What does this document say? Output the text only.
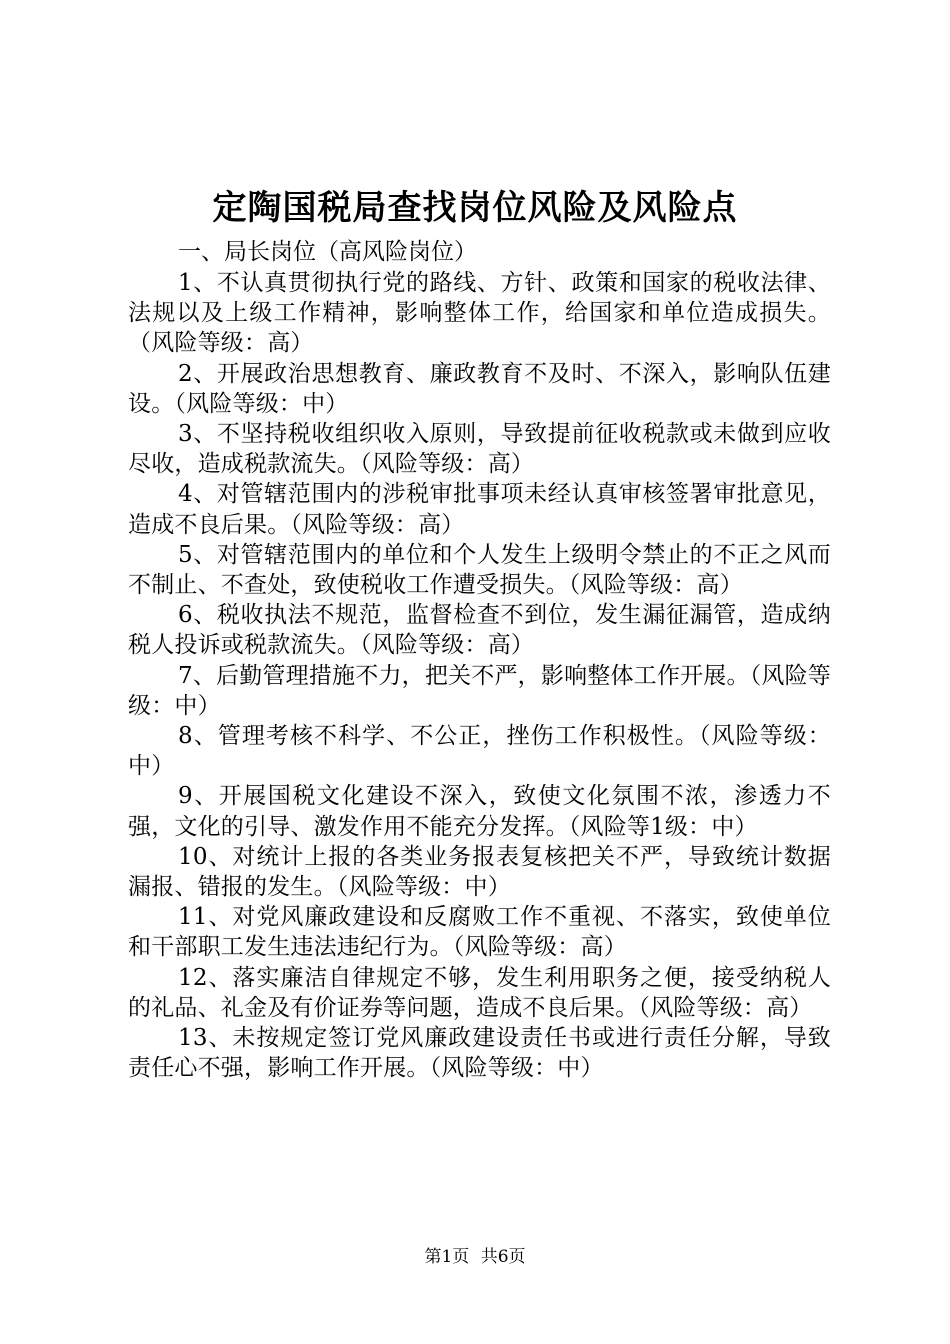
定陶国税局查找岗位风险及风险点

一、局长岗位（高风险岗位）

1、不认真贯彻执行党的路线、方针、政策和国家的税收法律、法规以及上级工作精神，影响整体工作，给国家和单位造成损失。（风险等级：高）

2、开展政治思想教育、廉政教育不及时、不深入，影响队伍建设。（风险等级：中）

3、不坚持税收组织收入原则，导致提前征收税款或未做到应收尽收，造成税款流失。（风险等级：高）

4、对管辖范围内的涉税审批事项未经认真审核签署审批意见，造成不良后果。（风险等级：高）

5、对管辖范围内的单位和个人发生上级明令禁止的不正之风而不制止、不查处，致使税收工作遭受损失。（风险等级：高）

6、税收执法不规范，监督检查不到位，发生漏征漏管，造成纳税人投诉或税款流失。（风险等级：高）

7、后勤管理措施不力，把关不严，影响整体工作开展。（风险等级：中）

8、管理考核不科学、不公正，挫伤工作积极性。（风险等级：中）

9、开展国税文化建设不深入，致使文化氛围不浓，渗透力不强，文化的引导、激发作用不能充分发挥。（风险等1级：中）

10、对统计上报的各类业务报表复核把关不严，导致统计数据漏报、错报的发生。（风险等级：中）

11、对党风廉政建设和反腐败工作不重视、不落实，致使单位和干部职工发生违法违纪行为。（风险等级：高）

12、落实廉洁自律规定不够，发生利用职务之便，接受纳税人的礼品、礼金及有价证券等问题，造成不良后果。（风险等级：高）

13、未按规定签订党风廉政建设责任书或进行责任分解，导致责任心不强，影响工作开展。（风险等级：中）

第1页 共6页
